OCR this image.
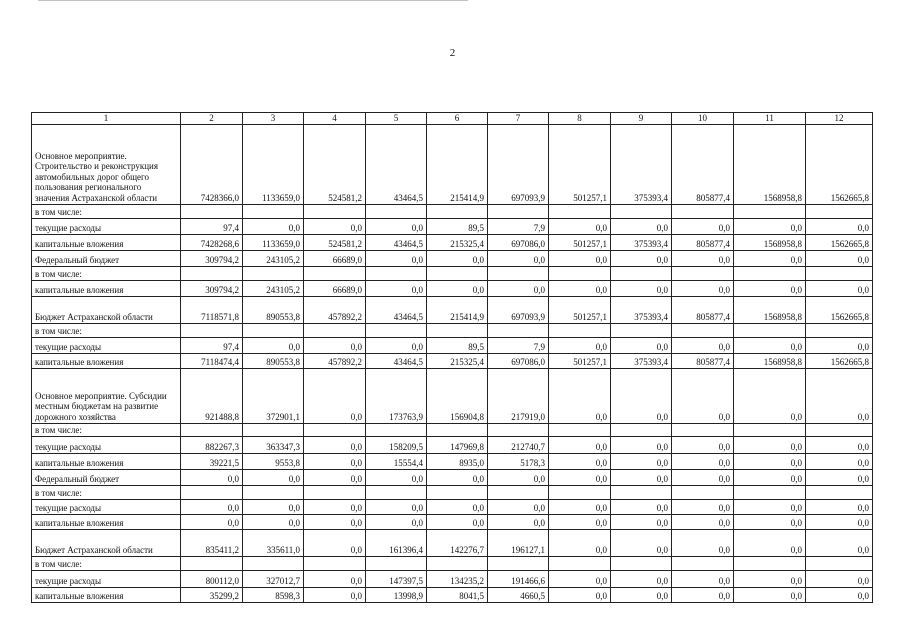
2
1	2	3	4	5	6	7	8	9	10	11	12
Основное мероприятие. Строительство и реконструкция автомобильных дорог общего пользования регионального значения Астраханской области	7428366,0	1133659,0	524581,2	43464,5	215414,9	697093,9	501257,1	375393,4	805877,4	1568958,8	1562665,8
в том числе:											
текущие расходы	97,4	0,0	0,0	0,0	89,5	7,9	0,0	0,0	0,0	0,0	0,0
капитальные вложения	7428268,6	1133659,0	524581,2	43464,5	215325,4	697086,0	501257,1	375393,4	805877,4	1568958,8	1562665,8
Федеральный бюджет	309794,2	243105,2	66689,0	0,0	0,0	0,0	0,0	0,0	0,0	0,0	0,0
в том числе:											
капитальные вложения	309794,2	243105,2	66689,0	0,0	0,0	0,0	0,0	0,0	0,0	0,0	0,0
Бюджет Астраханской области	7118571,8	890553,8	457892,2	43464,5	215414,9	697093,9	501257,1	375393,4	805877,4	1568958,8	1562665,8
в том числе:											
текущие расходы	97,4	0,0	0,0	0,0	89,5	7,9	0,0	0,0	0,0	0,0	0,0
капитальные вложения	7118474,4	890553,8	457892,2	43464,5	215325,4	697086,0	501257,1	375393,4	805877,4	1568958,8	1562665,8
Основное мероприятие. Субсидии местным бюджетам на развитие дорожного хозяйства	921488,8	372901,1	0,0	173763,9	156904,8	217919,0	0,0	0,0	0,0	0,0	0,0
в том числе:											
текущие расходы	882267,3	363347,3	0,0	158209,5	147969,8	212740,7	0,0	0,0	0,0	0,0	0,0
капитальные вложения	39221,5	9553,8	0,0	15554,4	8935,0	5178,3	0,0	0,0	0,0	0,0	0,0
Федеральный бюджет	0,0	0,0	0,0	0,0	0,0	0,0	0,0	0,0	0,0	0,0	0,0
в том числе:											
текущие расходы	0,0	0,0	0,0	0,0	0,0	0,0	0,0	0,0	0,0	0,0	0,0
капитальные вложения	0,0	0,0	0,0	0,0	0,0	0,0	0,0	0,0	0,0	0,0	0,0
Бюджет Астраханской области	835411,2	335611,0	0,0	161396,4	142276,7	196127,1	0,0	0,0	0,0	0,0	0,0
в том числе:											
текущие расходы	800112,0	327012,7	0,0	147397,5	134235,2	191466,6	0,0	0,0	0,0	0,0	0,0
капитальные вложения	35299,2	8598,3	0,0	13998,9	8041,5	4660,5	0,0	0,0	0,0	0,0	0,0
